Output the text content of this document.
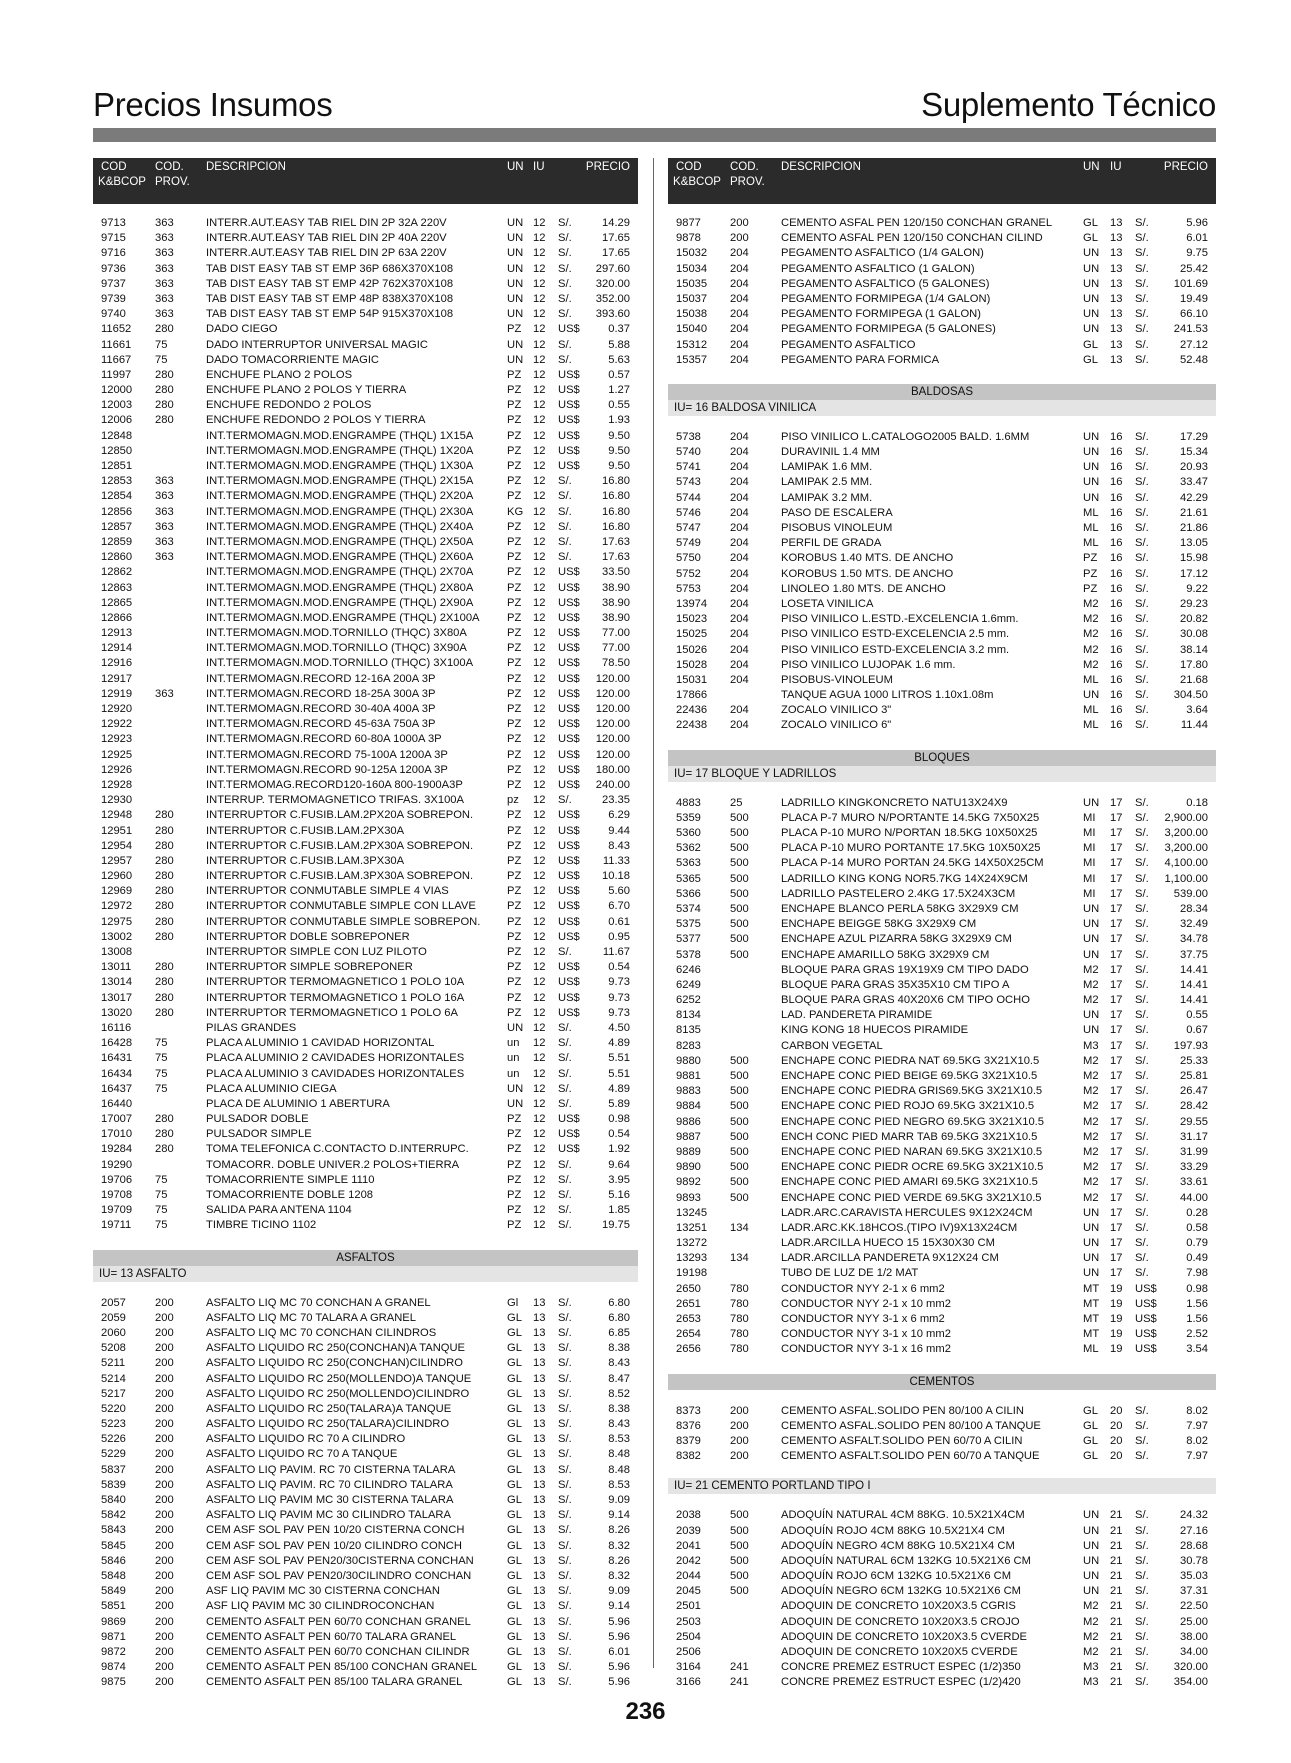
Precios Insumos	Suplemento Técnico
COD
K&BCOP
COD.
PROV.
DESCRIPCION	UN IU	PRECIO
9713	363	INTERR.AUT.EASY TAB RIEL DIN 2P 32A 220V	UN 12 S/.	14.29
9715	363	INTERR.AUT.EASY TAB RIEL DIN 2P 40A 220V	UN 12 S/.	17.65
9716	363	INTERR.AUT.EASY TAB RIEL DIN 2P 63A 220V	UN 12 S/.	17.65
9736	363	TAB DIST EASY TAB ST EMP 36P 686X370X108	UN 12 S/. 297.60
9737	363	TAB DIST EASY TAB ST EMP 42P 762X370X108	UN 12 S/. 320.00
9739	363	TAB DIST EASY TAB ST EMP 48P 838X370X108	UN 12 S/. 352.00
9740	363	TAB DIST EASY TAB ST EMP 54P 915X370X108	UN 12 S/. 393.60
11652 280	DADO CIEGO	PZ 12 US$	0.37
11661 75	DADO INTERRUPTOR UNIVERSAL MAGIC	UN 12 S/.	5.88
11667 75	DADO TOMACORRIENTE MAGIC	UN 12 S/.	5.63
11997 280	ENCHUFE PLANO 2 POLOS	PZ 12 US$	0.57
12000 280	ENCHUFE PLANO 2 POLOS Y TIERRA	PZ 12 US$	1.27
12003 280	ENCHUFE REDONDO 2 POLOS	PZ 12 US$	0.55
12006 280	ENCHUFE REDONDO 2 POLOS Y TIERRA	PZ 12 US$	1.93
12848	INT.TERMOMAGN.MOD.ENGRAMPE (THQL) 1X15A	PZ 12 US$	9.50
12850	INT.TERMOMAGN.MOD.ENGRAMPE (THQL) 1X20A	PZ 12 US$	9.50
12851	INT.TERMOMAGN.MOD.ENGRAMPE (THQL) 1X30A	PZ 12 US$	9.50
12853 363	INT.TERMOMAGN.MOD.ENGRAMPE (THQL) 2X15A	PZ 12 S/.	16.80
12854 363	INT.TERMOMAGN.MOD.ENGRAMPE (THQL) 2X20A	PZ 12 S/.	16.80
12856 363	INT.TERMOMAGN.MOD.ENGRAMPE (THQL) 2X30A	KG 12 S/.	16.80
12857 363	INT.TERMOMAGN.MOD.ENGRAMPE (THQL) 2X40A	PZ 12 S/.	16.80
12859 363	INT.TERMOMAGN.MOD.ENGRAMPE (THQL) 2X50A	PZ 12 S/.	17.63
12860 363	INT.TERMOMAGN.MOD.ENGRAMPE (THQL) 2X60A	PZ 12 S/.	17.63
12862	INT.TERMOMAGN.MOD.ENGRAMPE (THQL) 2X70A	PZ 12 US$ 33.50
12863	INT.TERMOMAGN.MOD.ENGRAMPE (THQL) 2X80A	PZ 12 US$ 38.90
12865	INT.TERMOMAGN.MOD.ENGRAMPE (THQL) 2X90A	PZ 12 US$ 38.90
12866	INT.TERMOMAGN.MOD.ENGRAMPE (THQL) 2X100A PZ 12 US$ 38.90
12913	INT.TERMOMAGN.MOD.TORNILLO (THQC) 3X80A	PZ 12 US$ 77.00
12914	INT.TERMOMAGN.MOD.TORNILLO (THQC) 3X90A	PZ 12 US$ 77.00
12916	INT.TERMOMAGN.MOD.TORNILLO (THQC) 3X100A	PZ 12 US$ 78.50
12917	INT.TERMOMAGN.RECORD 12-16A 200A 3P	PZ 12 US$ 120.00
12919 363	INT.TERMOMAGN.RECORD 18-25A 300A 3P	PZ 12 US$ 120.00
12920	INT.TERMOMAGN.RECORD 30-40A 400A 3P	PZ 12 US$ 120.00
12922	INT.TERMOMAGN.RECORD 45-63A 750A 3P	PZ 12 US$ 120.00
12923	INT.TERMOMAGN.RECORD 60-80A 1000A 3P	PZ 12 US$ 120.00
12925	INT.TERMOMAGN.RECORD 75-100A 1200A 3P	PZ 12 US$ 120.00
12926	INT.TERMOMAGN.RECORD 90-125A 1200A 3P	PZ 12 US$ 180.00
12928	INT.TERMOMAG.RECORD120-160A 800-1900A3P	PZ 12 US$ 240.00
12930	INTERRUP. TERMOMAGNETICO TRIFAS. 3X100A	pz 12 S/.	23.35
12948 280	INTERRUPTOR C.FUSIB.LAM.2PX20A SOBREPON.	PZ 12 US$	6.29
12951 280	INTERRUPTOR C.FUSIB.LAM.2PX30A	PZ 12 US$	9.44
12954 280	INTERRUPTOR C.FUSIB.LAM.2PX30A SOBREPON.	PZ 12 US$	8.43
12957 280	INTERRUPTOR C.FUSIB.LAM.3PX30A	PZ 12 US$ 11.33
12960 280	INTERRUPTOR C.FUSIB.LAM.3PX30A SOBREPON.	PZ 12 US$ 10.18
12969 280	INTERRUPTOR CONMUTABLE SIMPLE 4 VIAS	PZ 12 US$	5.60
12972 280	INTERRUPTOR CONMUTABLE SIMPLE CON LLAVE	PZ 12 US$	6.70
12975 280	INTERRUPTOR CONMUTABLE SIMPLE SOBREPON. PZ 12 US$	0.61
13002 280	INTERRUPTOR DOBLE SOBREPONER	PZ 12 US$	0.95
13008	INTERRUPTOR SIMPLE CON LUZ PILOTO	PZ 12 S/.	11.67
13011 280	INTERRUPTOR SIMPLE SOBREPONER	PZ 12 US$	0.54
13014 280	INTERRUPTOR TERMOMAGNETICO 1 POLO 10A	PZ 12 US$	9.73
13017 280	INTERRUPTOR TERMOMAGNETICO 1 POLO 16A	PZ 12 US$	9.73
13020 280	INTERRUPTOR TERMOMAGNETICO 1 POLO 6A	PZ 12 US$	9.73
16116	PILAS GRANDES	UN 12 S/.	4.50
16428 75	PLACA ALUMINIO 1 CAVIDAD HORIZONTAL	un 12 S/.	4.89
16431 75	PLACA ALUMINIO 2 CAVIDADES HORIZONTALES	un 12 S/.	5.51
16434 75	PLACA ALUMINIO 3 CAVIDADES HORIZONTALES	un 12 S/.	5.51
16437 75	PLACA ALUMINIO CIEGA	UN 12 S/.	4.89
16440	PLACA DE ALUMINIO 1 ABERTURA	UN 12 S/.	5.89
17007 280	PULSADOR DOBLE	PZ 12 US$	0.98
17010 280	PULSADOR SIMPLE	PZ 12 US$	0.54
19284 280	TOMA TELEFONICA C.CONTACTO D.INTERRUPC.	PZ 12 US$	1.92
19290	TOMACORR. DOBLE UNIVER.2 POLOS+TIERRA	PZ 12 S/.	9.64
19706 75	TOMACORRIENTE SIMPLE 1110	PZ 12 S/.	3.95
19708 75	TOMACORRIENTE DOBLE 1208	PZ 12 S/.	5.16
19709 75	SALIDA PARA ANTENA 1104	PZ 12 S/.	1.85
19711 75	TIMBRE TICINO 1102	PZ 12 S/.	19.75
ASFALTOS
IU= 13 ASFALTO
2057	200	ASFALTO LIQ MC 70 CONCHAN A GRANEL	Gl 13 S/.	6.80
2059	200	ASFALTO LIQ MC 70 TALARA A GRANEL	GL 13 S/.	6.80
2060	200	ASFALTO LIQ MC 70 CONCHAN CILINDROS	GL 13 S/.	6.85
5208	200	ASFALTO LIQUIDO RC 250(CONCHAN)A TANQUE	GL 13 S/.	8.38
5211	200	ASFALTO LIQUIDO RC 250(CONCHAN)CILINDRO	GL 13 S/.	8.43
5214	200	ASFALTO LIQUIDO RC 250(MOLLENDO)A TANQUE	GL 13 S/.	8.47
5217	200	ASFALTO LIQUIDO RC 250(MOLLENDO)CILINDRO	GL 13 S/.	8.52
5220	200	ASFALTO LIQUIDO RC 250(TALARA)A TANQUE	GL 13 S/.	8.38
5223	200	ASFALTO LIQUIDO RC 250(TALARA)CILINDRO	GL 13 S/.	8.43
5226	200	ASFALTO LIQUIDO RC 70 A CILINDRO	GL 13 S/.	8.53
5229	200	ASFALTO LIQUIDO RC 70 A TANQUE	GL 13 S/.	8.48
5837	200	ASFALTO LIQ PAVIM. RC 70 CISTERNA TALARA	GL 13 S/.	8.48
5839	200	ASFALTO LIQ PAVIM. RC 70 CILINDRO TALARA	GL 13 S/.	8.53
5840	200	ASFALTO LIQ PAVIM MC 30 CISTERNA TALARA	GL 13 S/.	9.09
5842	200	ASFALTO LIQ PAVIM MC 30 CILINDRO TALARA	GL 13 S/.	9.14
5843	200	CEM ASF SOL PAV PEN 10/20 CISTERNA CONCH	GL 13 S/.	8.26
5845	200	CEM ASF SOL PAV PEN 10/20 CILINDRO CONCH	GL 13 S/.	8.32
5846	200	CEM ASF SOL PAV PEN20/30CISTERNA CONCHAN	GL 13 S/.	8.26
5848	200	CEM ASF SOL PAV PEN20/30CILINDRO CONCHAN	GL 13 S/.	8.32
5849	200	ASF LIQ PAVIM MC 30 CISTERNA CONCHAN	GL 13 S/.	9.09
5851	200	ASF LIQ PAVIM MC 30 CILINDROCONCHAN	GL 13 S/.	9.14
9869	200	CEMENTO ASFALT PEN 60/70 CONCHAN GRANEL	GL 13 S/.	5.96
9871	200	CEMENTO ASFALT PEN 60/70 TALARA GRANEL	GL 13 S/.	5.96
9872	200	CEMENTO ASFALT PEN 60/70 CONCHAN CILINDR	GL 13 S/.	6.01
9874	200	CEMENTO ASFALT PEN 85/100 CONCHAN GRANEL	GL 13 S/.	5.96
9875	200	CEMENTO ASFALT PEN 85/100 TALARA GRANEL	GL 13 S/.	5.96
COD
K&BCOP
COD.
PROV.
DESCRIPCION	UN IU	PRECIO
9877	200	CEMENTO ASFAL PEN 120/150 CONCHAN GRANEL	GL 13 S/.	5.96
9878	200	CEMENTO ASFAL PEN 120/150 CONCHAN CILIND	GL 13 S/.	6.01
15032 204	PEGAMENTO ASFALTICO (1/4 GALON)	UN 13 S/.	9.75
15034 204	PEGAMENTO ASFALTICO (1 GALON)	UN 13 S/.	25.42
15035 204	PEGAMENTO ASFALTICO (5 GALONES)	UN 13 S/. 101.69
15037 204	PEGAMENTO FORMIPEGA (1/4 GALON)	UN 13 S/.	19.49
15038 204	PEGAMENTO FORMIPEGA (1 GALON)	UN 13 S/.	66.10
15040 204	PEGAMENTO FORMIPEGA (5 GALONES)	UN 13 S/. 241.53
15312 204	PEGAMENTO ASFALTICO	GL 13 S/.	27.12
15357 204	PEGAMENTO PARA FORMICA	GL 13 S/.	52.48
BALDOSAS
IU= 16 BALDOSA VINILICA
5738	204	PISO VINILICO L.CATALOGO2005 BALD. 1.6MM	UN 16 S/.	17.29
5740	204	DURAVINIL 1.4 MM	UN 16 S/.	15.34
5741	204	LAMIPAK 1.6 MM.	UN 16 S/.	20.93
5743	204	LAMIPAK 2.5 MM.	UN 16 S/.	33.47
5744	204	LAMIPAK 3.2 MM.	UN 16 S/.	42.29
5746	204	PASO DE ESCALERA	ML 16 S/.	21.61
5747	204	PISOBUS VINOLEUM	ML 16 S/.	21.86
5749	204	PERFIL DE GRADA	ML 16 S/.	13.05
5750	204	KOROBUS 1.40 MTS. DE ANCHO	PZ 16 S/.	15.98
5752	204	KOROBUS 1.50 MTS. DE ANCHO	PZ 16 S/.	17.12
5753	204	LINOLEO 1.80 MTS. DE ANCHO	PZ 16 S/.	9.22
13974 204	LOSETA VINILICA	M2 16 S/.	29.23
15023 204	PISO VINILICO L.ESTD.-EXCELENCIA 1.6mm.	M2 16 S/.	20.82
15025 204	PISO VINILICO ESTD-EXCELENCIA 2.5 mm.	M2 16 S/.	30.08
15026 204	PISO VINILICO ESTD-EXCELENCIA 3.2 mm.	M2 16 S/.	38.14
15028 204	PISO VINILICO LUJOPAK 1.6 mm.	M2 16 S/.	17.80
15031 204	PISOBUS-VINOLEUM	ML 16 S/.	21.68
17866	TANQUE AGUA 1000 LITROS 1.10x1.08m	UN 16 S/. 304.50
22436 204	ZOCALO VINILICO 3"	ML 16 S/.	3.64
22438 204	ZOCALO VINILICO 6"	ML 16 S/.	11.44
BLOQUES
IU= 17 BLOQUE Y LADRILLOS
4883	25	LADRILLO KINGKONCRETO NATU13X24X9	UN 17 S/.	0.18
5359	500	PLACA P-7 MURO N/PORTANTE 14.5KG 7X50X25	MI 17 S/. 2,900.00
5360	500	PLACA P-10 MURO N/PORTAN 18.5KG 10X50X25	MI 17 S/. 3,200.00
5362	500	PLACA P-10 MURO PORTANTE 17.5KG 10X50X25	MI 17 S/. 3,200.00
5363	500	PLACA P-14 MURO PORTAN 24.5KG 14X50X25CM	MI 17 S/. 4,100.00
5365	500	LADRILLO KING KONG NOR5.7KG 14X24X9CM	MI 17 S/. 1,100.00
5366	500	LADRILLO PASTELERO 2.4KG 17.5X24X3CM	MI 17 S/. 539.00
5374	500	ENCHAPE BLANCO PERLA 58KG 3X29X9 CM	UN 17 S/.	28.34
5375	500	ENCHAPE BEIGGE 58KG 3X29X9 CM	UN 17 S/.	32.49
5377	500	ENCHAPE AZUL PIZARRA 58KG 3X29X9 CM	UN 17 S/.	34.78
5378	500	ENCHAPE AMARILLO 58KG 3X29X9 CM	UN 17 S/.	37.75
6246	BLOQUE PARA GRAS 19X19X9 CM TIPO DADO	M2 17 S/.	14.41
6249	BLOQUE PARA GRAS 35X35X10 CM TIPO A	M2 17 S/.	14.41
6252	BLOQUE PARA GRAS 40X20X6 CM TIPO OCHO	M2 17 S/.	14.41
8134	LAD. PANDERETA PIRAMIDE	UN 17 S/.	0.55
8135	KING KONG 18 HUECOS PIRAMIDE	UN 17 S/.	0.67
8283	CARBON VEGETAL	M3 17 S/. 197.93
9880	500	ENCHAPE CONC PIEDRA NAT 69.5KG 3X21X10.5	M2 17 S/.	25.33
9881	500	ENCHAPE CONC PIED BEIGE 69.5KG 3X21X10.5	M2 17 S/.	25.81
9883	500	ENCHAPE CONC PIEDRA GRIS69.5KG 3X21X10.5	M2 17 S/.	26.47
9884	500	ENCHAPE CONC PIED ROJO 69.5KG 3X21X10.5	M2 17 S/.	28.42
9886	500	ENCHAPE CONC PIED NEGRO 69.5KG 3X21X10.5	M2 17 S/.	29.55
9887	500	ENCH CONC PIED MARR TAB 69.5KG 3X21X10.5	M2 17 S/.	31.17
9889	500	ENCHAPE CONC PIED NARAN 69.5KG 3X21X10.5	M2 17 S/.	31.99
9890	500	ENCHAPE CONC PIEDR OCRE 69.5KG 3X21X10.5	M2 17 S/.	33.29
9892	500	ENCHAPE CONC PIED AMARI 69.5KG 3X21X10.5	M2 17 S/.	33.61
9893	500	ENCHAPE CONC PIED VERDE 69.5KG 3X21X10.5	M2 17 S/.	44.00
13245	LADR.ARC.CARAVISTA HERCULES 9X12X24CM	UN 17 S/.	0.28
13251 134	LADR.ARC.KK.18HCOS.(TIPO IV)9X13X24CM	UN 17 S/.	0.58
13272	LADR.ARCILLA HUECO 15 15X30X30 CM	UN 17 S/.	0.79
13293 134	LADR.ARCILLA PANDERETA 9X12X24 CM	UN 17 S/.	0.49
19198	TUBO DE LUZ DE 1/2 MAT	UN 17 S/.	7.98
2650	780	CONDUCTOR NYY 2-1 x 6 mm2	MT 19 US$	0.98
2651	780	CONDUCTOR NYY 2-1 x 10 mm2	MT 19 US$	1.56
2653	780	CONDUCTOR NYY 3-1 x 6 mm2	MT 19 US$	1.56
2654	780	CONDUCTOR NYY 3-1 x 10 mm2	MT 19 US$	2.52
2656	780	CONDUCTOR NYY 3-1 x 16 mm2	ML 19 US$	3.54
CEMENTOS
8373	200	CEMENTO ASFAL.SOLIDO PEN 80/100 A CILIN	GL 20 S/.	8.02
8376	200	CEMENTO ASFAL.SOLIDO PEN 80/100 A TANQUE	GL 20 S/.	7.97
8379	200	CEMENTO ASFALT.SOLIDO PEN 60/70 A CILIN	GL 20 S/.	8.02
8382	200	CEMENTO ASFALT.SOLIDO PEN 60/70 A TANQUE	GL 20 S/.	7.97
IU= 21 CEMENTO PORTLAND TIPO I
2038	500	ADOQUÍN NATURAL 4CM 88KG. 10.5X21X4CM	UN 21 S/.	24.32
2039	500	ADOQUÍN ROJO 4CM 88KG 10.5X21X4 CM	UN 21 S/.	27.16
2041	500	ADOQUÍN NEGRO 4CM 88KG 10.5X21X4 CM	UN 21 S/.	28.68
2042	500	ADOQUÍN NATURAL 6CM 132KG 10.5X21X6 CM	UN 21 S/.	30.78
2044	500	ADOQUÍN ROJO 6CM 132KG 10.5X21X6 CM	UN 21 S/.	35.03
2045	500	ADOQUÍN NEGRO 6CM 132KG 10.5X21X6 CM	UN 21 S/.	37.31
2501	ADOQUIN DE CONCRETO 10X20X3.5 CGRIS	M2 21 S/.	22.50
2503	ADOQUIN DE CONCRETO 10X20X3.5 CROJO	M2 21 S/.	25.00
2504	ADOQUIN DE CONCRETO 10X20X3.5 CVERDE	M2 21 S/.	38.00
2506	ADOQUIN DE CONCRETO 10X20X5 CVERDE	M2 21 S/.	34.00
3164	241	CONCRE PREMEZ ESTRUCT ESPEC (1/2)350	M3 21 S/. 320.00
3166	241	CONCRE PREMEZ ESTRUCT ESPEC (1/2)420	M3 21 S/. 354.00
236
